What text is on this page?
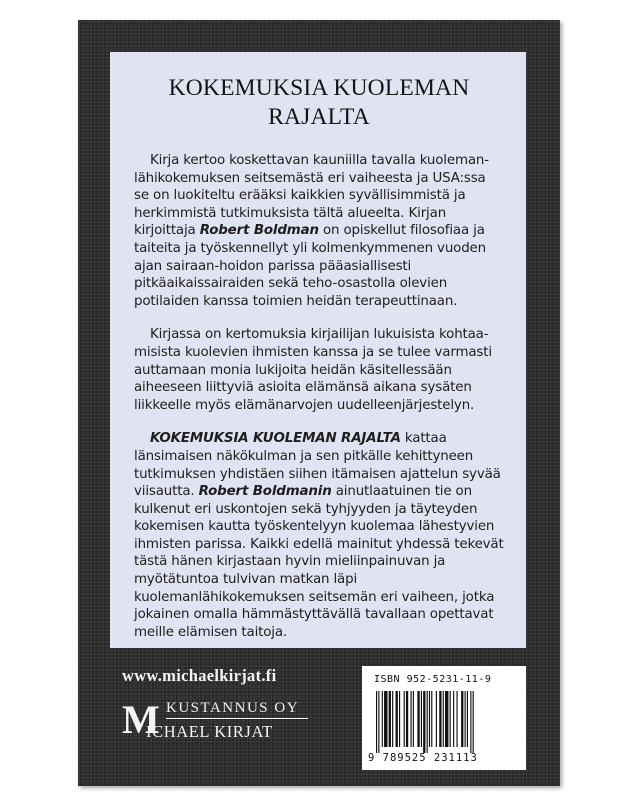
KOKEMUKSIA KUOLEMAN
RAJALTA

Kirja kertoo koskettavan kauniilla tavalla kuoleman-lähikokemuksen seitsemästä eri vaiheesta ja USA:ssa se on luokiteltu erääksi kaikkien syvällisimmistä ja herkimmistä tutkimuksista tältä alueelta. Kirjan kirjoittaja Robert Boldman on opiskellut filosofiaa ja taiteita ja työskennellyt yli kolmenkymmenen vuoden ajan sairaan-hoidon parissa pääasiallisesti pitkäaikaissairaiden sekä teho-osastolla olevien potilaiden kanssa toimien heidän terapeuttinaan.

Kirjassa on kertomuksia kirjailijan lukuisista kohtaa-misista kuolevien ihmisten kanssa ja se tulee varmasti auttamaan monia lukijoita heidän käsitellessään aiheeseen liittyviä asioita elämänsä aikana sysäten liikkeelle myös elämänarvojen uudelleenjärjestelyn.

KOKEMUKSIA KUOLEMAN RAJALTA kattaa länsimaisen näkökulman ja sen pitkälle kehittyneen tutkimuksen yhdistäen siihen itämaisen ajattelun syvää viisautta. Robert Boldmanin ainutlaatuinen tie on kulkenut eri uskontojen sekä tyhjyyden ja täyteyden kokemisen kautta työskentelyyn kuolemaa lähestyvien ihmisten parissa. Kaikki edellä mainitut yhdessä tekevät tästä hänen kirjastaan hyvin mieliinpainuvan ja myötätuntoa tulvivan matkan läpi kuolemanlähikokemuksen seitsemän eri vaiheen, jotka jokainen omalla hämmästyttävällä tavallaan opettavat meille elämisen taitoja.

www.michaelkirjat.fi
M KUSTANNUS OY
ICHAEL KIRJAT
ISBN 952-5231-11-9
9 789525 231113
